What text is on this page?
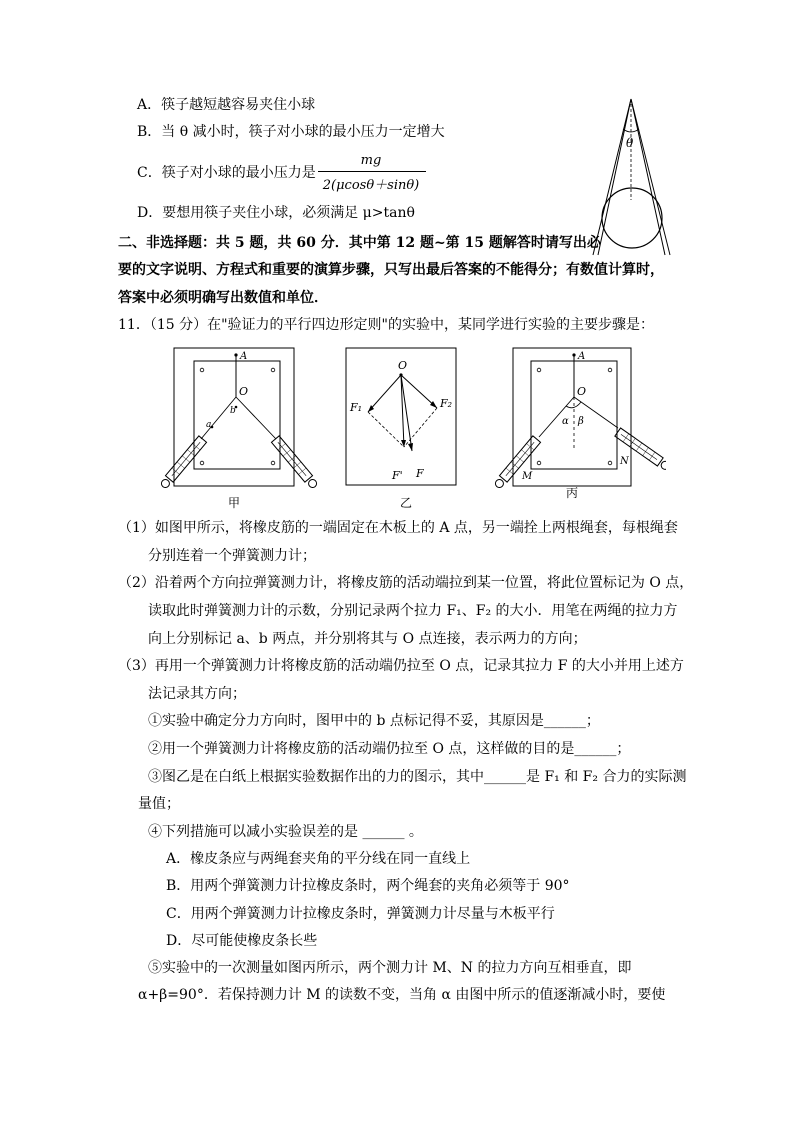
A．筷子越短越容易夹住小球
B．当 θ 减小时，筷子对小球的最小压力一定增大
C．筷子对小球的最小压力是
mg
2(μcosθ＋sinθ)
D．要想用筷子夹住小球，必须满足 μ>tanθ
θ
二、非选择题：共 5 题，共 60 分．其中第 12 题~第 15 题解答时请写出必
要的文字说明、方程式和重要的演算步骤，只写出最后答案的不能得分；有数值计算时，
答案中必须明确写出数值和单位．
11．（15 分）在"验证力的平行四边形定则"的实验中，某同学进行实验的主要步骤是：
A
O
b
a
甲
O
F₁	F₂
F' F
乙
A
O
α β
M
N
丙
（1）如图甲所示，将橡皮筋的一端固定在木板上的 A 点，另一端拴上两根绳套，每根绳套
分别连着一个弹簧测力计；
（2）沿着两个方向拉弹簧测力计，将橡皮筋的活动端拉到某一位置，将此位置标记为 O 点，
读取此时弹簧测力计的示数，分别记录两个拉力 F₁、F₂ 的大小．用笔在两绳的拉力方
向上分别标记 a、b 两点，并分别将其与 O 点连接，表示两力的方向；
（3）再用一个弹簧测力计将橡皮筋的活动端仍拉至 O 点，记录其拉力 F 的大小并用上述方
法记录其方向；
①实验中确定分力方向时，图甲中的 b 点标记得不妥，其原因是______；
②用一个弹簧测力计将橡皮筋的活动端仍拉至 O 点，这样做的目的是______；
③图乙是在白纸上根据实验数据作出的力的图示，其中______是 F₁ 和 F₂ 合力的实际测
量值；
④下列措施可以减小实验误差的是 ______ 。
A．橡皮条应与两绳套夹角的平分线在同一直线上
B．用两个弹簧测力计拉橡皮条时，两个绳套的夹角必须等于 90°
C．用两个弹簧测力计拉橡皮条时，弹簧测力计尽量与木板平行
D．尽可能使橡皮条长些
⑤实验中的一次测量如图丙所示，两个测力计 M、N 的拉力方向互相垂直，即
α+β=90°．若保持测力计 M 的读数不变，当角 α 由图中所示的值逐渐减小时，要使
